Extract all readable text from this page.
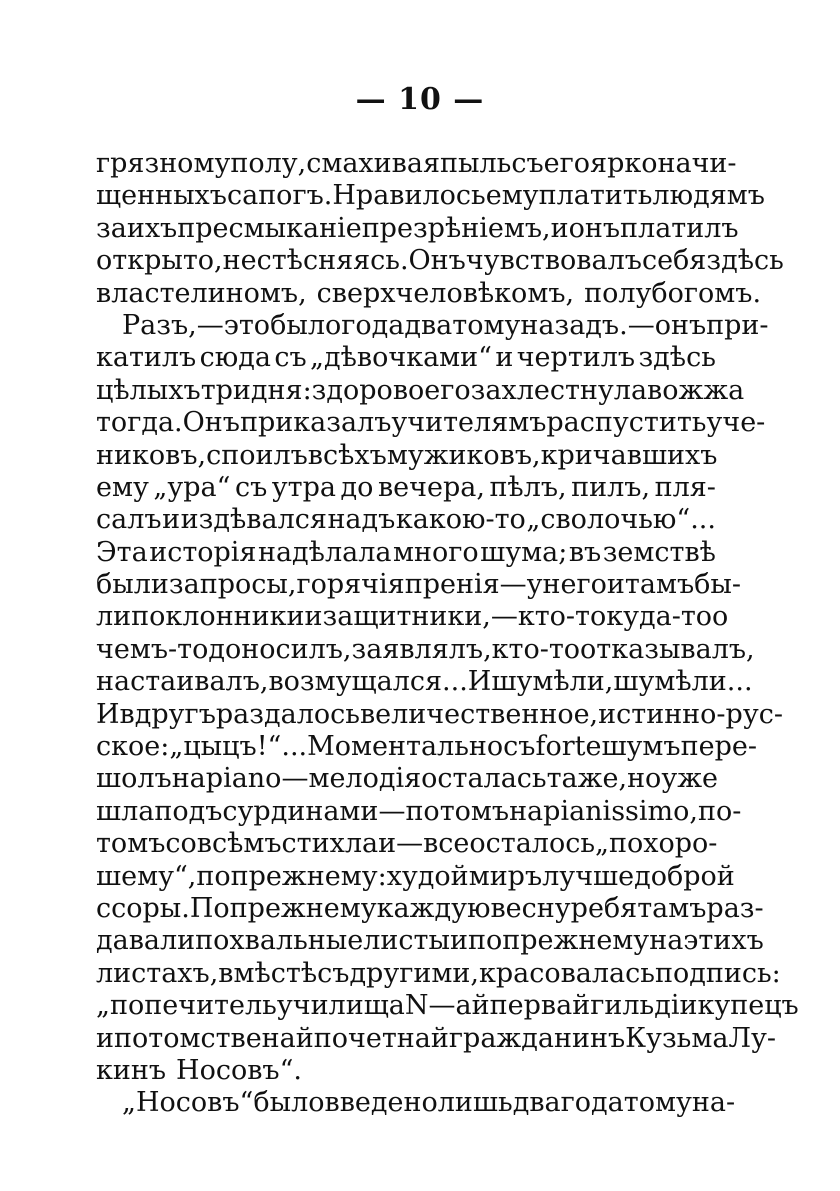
— 10 —
грязному полу, смахивая пыль съ его ярко начи-
щенныхъ сапогъ. Нравилось ему платить людямъ
за ихъ пресмыканіе презрѣніемъ, и онъ платилъ
открыто, не стѣсняясь. Онъ чувствовалъ себя здѣсь
властелиномъ, сверхчеловѣкомъ, полубогомъ.
Разъ,—это было года два тому назадъ.—онъ при-
катилъ сюда съ „дѣвочками“ и чертилъ здѣсь
цѣлыхъ три дня: здорово его захлестнула вожжа
тогда. Онъ приказалъ учителямъ распустить уче-
никовъ, споилъ всѣхъ мужиковъ, кричавшихъ
ему „ура“ съ утра до вечера, пѣлъ, пилъ, пля-
салъ и издѣвался надъ какою-то „сволочью“...
Эта исторія надѣлала много шума; въ земствѣ
были запросы, горячія пренія—у него и тамъ бы-
ли поклонники и защитники,—кто-то куда-то о
чемъ-то доносилъ, заявлялъ, кто-то отказывалъ,
настаивалъ, возмущался... И шумѣли, шумѣли...
И вдругъ раздалось величественное, истинно-рус-
ское: „цыцъ!“... Моментально съ forte шумъ пере-
шолъ на piano—мелодія осталась та же, но уже
шла подъ сурдинами —потомъ на pianissimo, по-
томъ совсѣмъ стихла и—все осталось „по хоро-
шему“, по прежнему: худой миръ лучше доброй
ссоры. По прежнему каждую весну ребятамъ раз-
давали похвальные листы и по прежнему на этихъ
листахъ, вмѣстѣ съ другими, красовалась подпись:
„попечитель училища N—ай первай гильдіи купецъ
и потомственай почетнай гражданинъ Кузьма Лу-
кинъ Носовъ“.
„Носовъ“ было введено лишь два года тому на-
